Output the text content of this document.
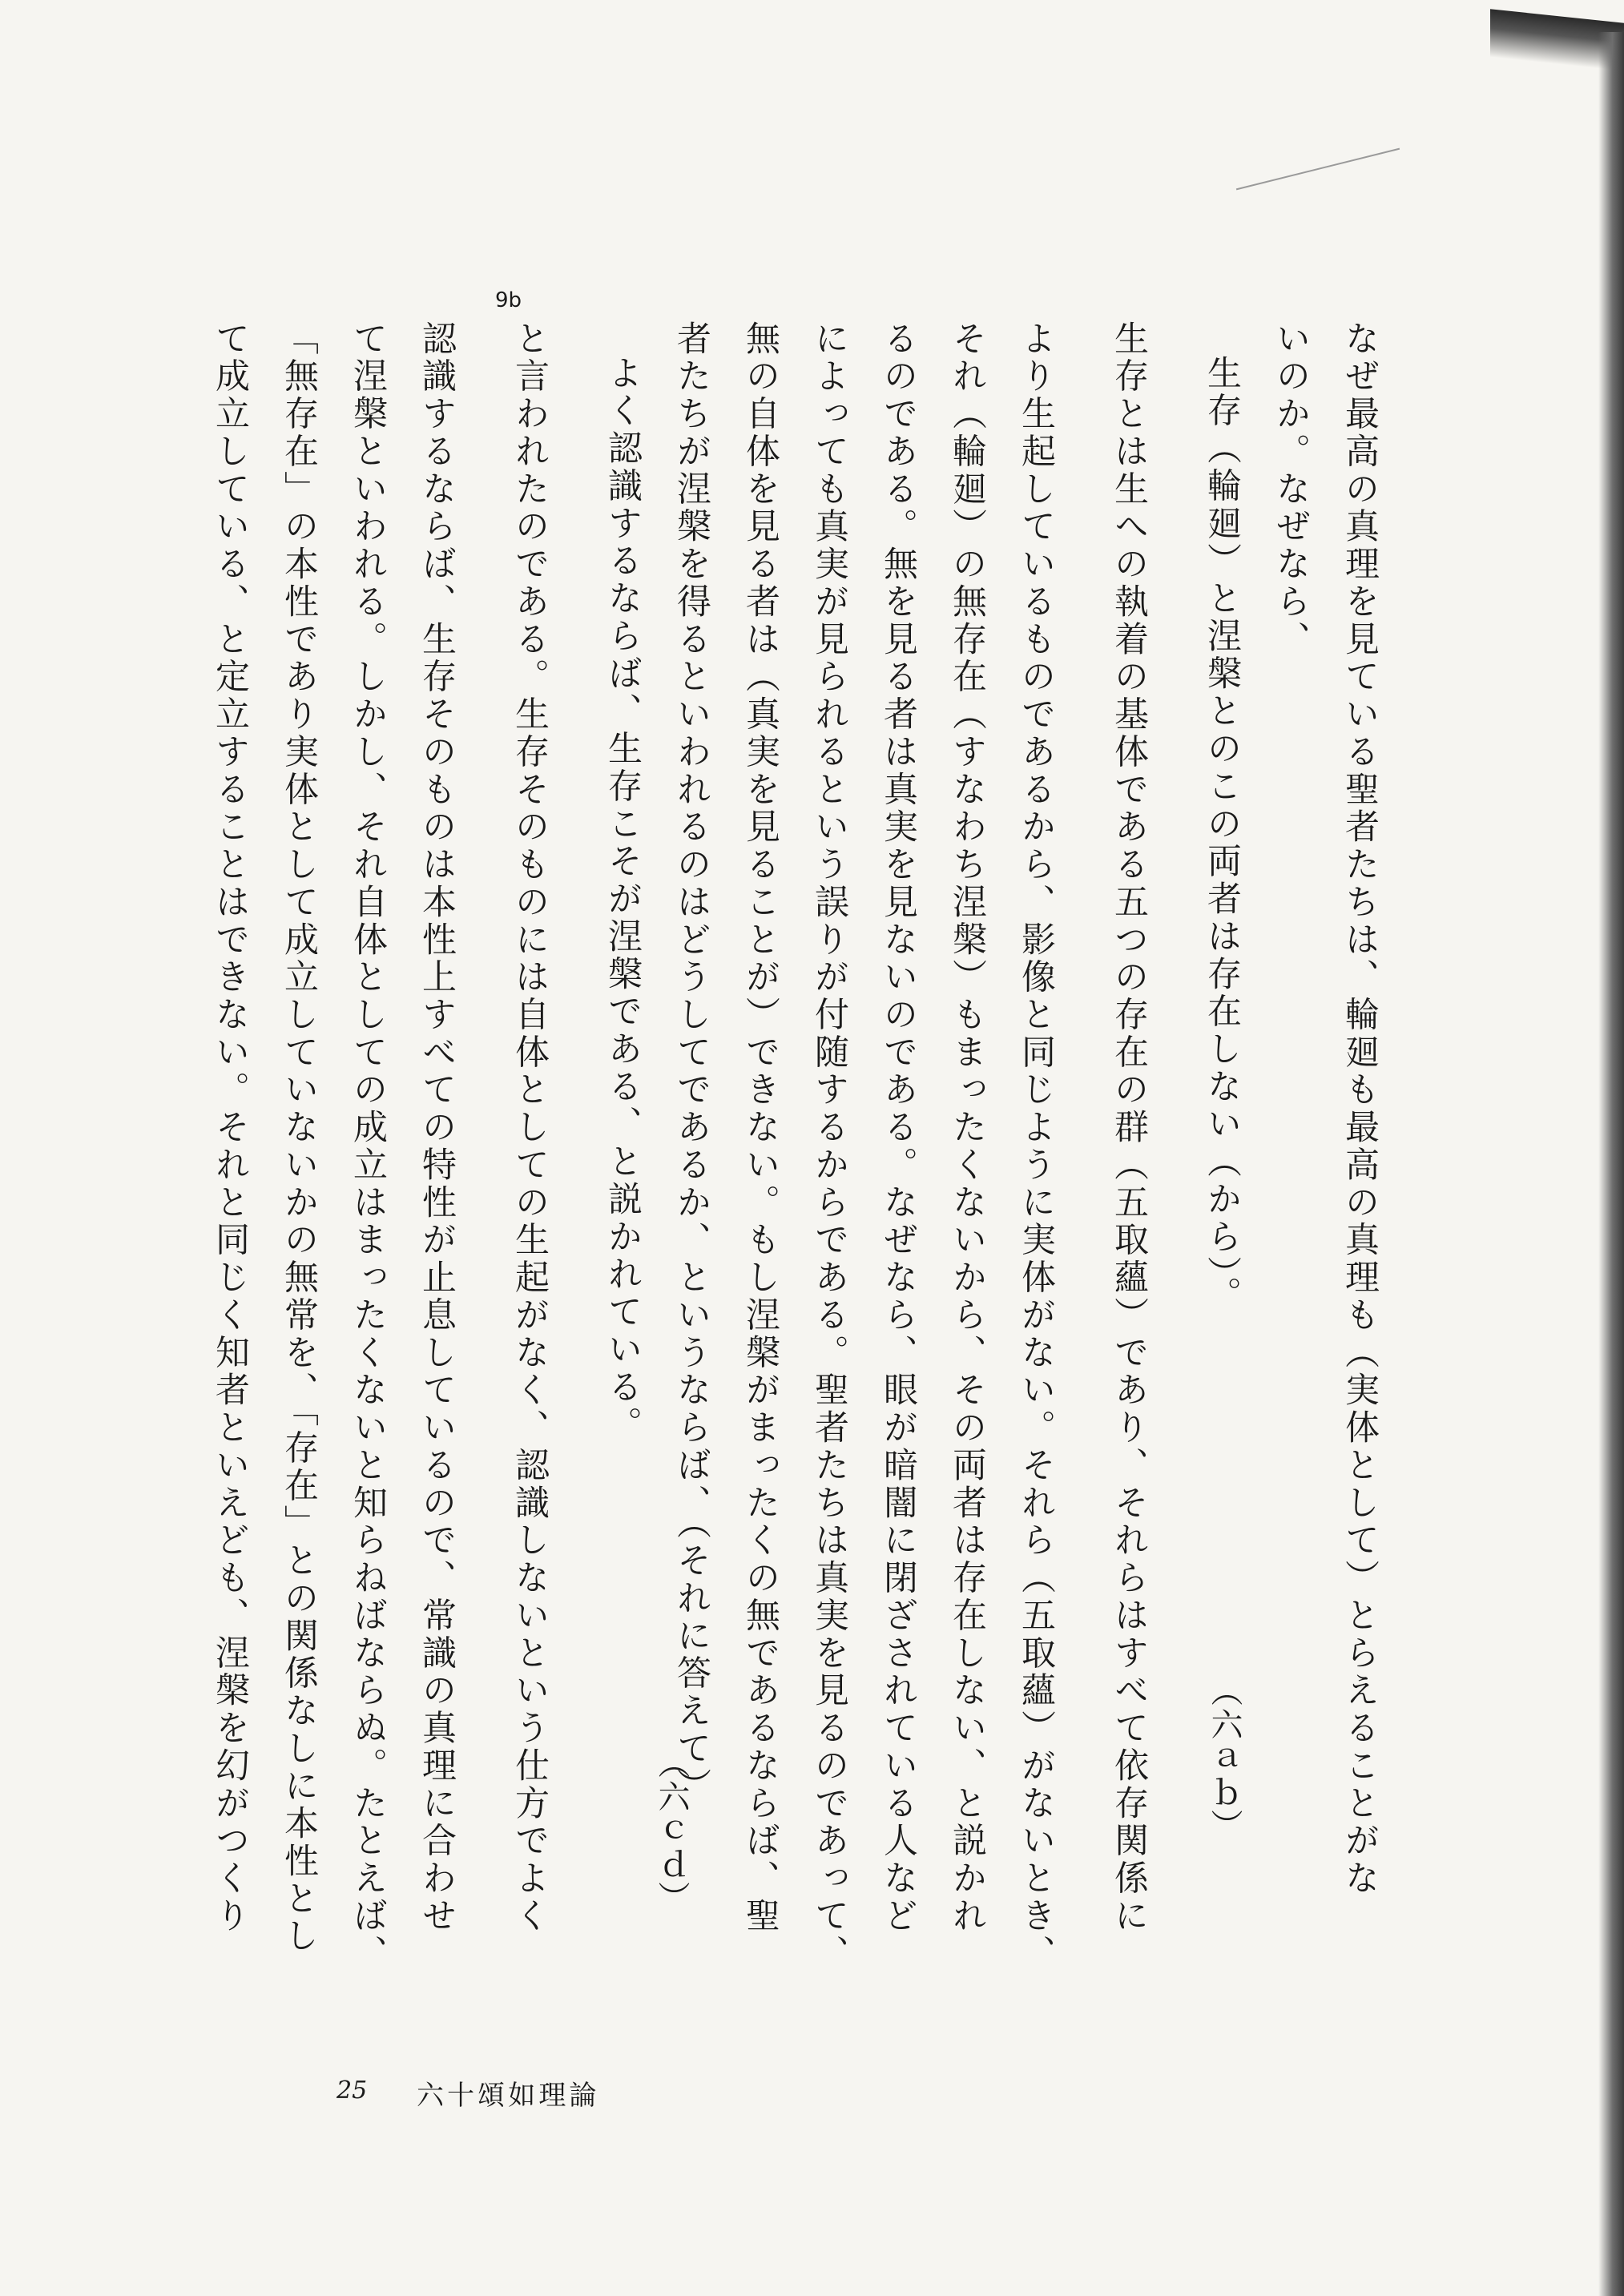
なぜ最高の真理を見ている聖者たちは、輪廻も最高の真理も（実体として）とらえることがな
いのか。なぜなら、
生存（輪廻）と涅槃とのこの両者は存在しない（から）。
生存とは生への執着の基体である五つの存在の群（五取蘊）であり、それらはすべて依存関係に
より生起しているものであるから、影像と同じように実体がない。それら（五取蘊）がないとき、
それ（輪廻）の無存在（すなわち涅槃）もまったくないから、その両者は存在しない、と説かれ
るのである。無を見る者は真実を見ないのである。なぜなら、眼が暗闇に閉ざされている人など
によっても真実が見られるという誤りが付随するからである。聖者たちは真実を見るのであって、
無の自体を見る者は（真実を見ることが）できない。もし涅槃がまったくの無であるならば、聖
者たちが涅槃を得るといわれるのはどうしてであるか、というならば、（それに答えて）
よく認識するならば、生存こそが涅槃である、と説かれている。
と言われたのである。生存そのものには自体としての生起がなく、認識しないという仕方でよく
認識するならば、生存そのものは本性上すべての特性が止息しているので、常識の真理に合わせ
て涅槃といわれる。しかし、それ自体としての成立はまったくないと知らねばならぬ。たとえば、
「無存在」の本性であり実体として成立していないかの無常を、「存在」との関係なしに本性とし
て成立している、と定立することはできない。それと同じく知者といえども、涅槃を幻がつくり	（六ａｂ）
（六ｃｄ）
9b
25 六十頌如理論
